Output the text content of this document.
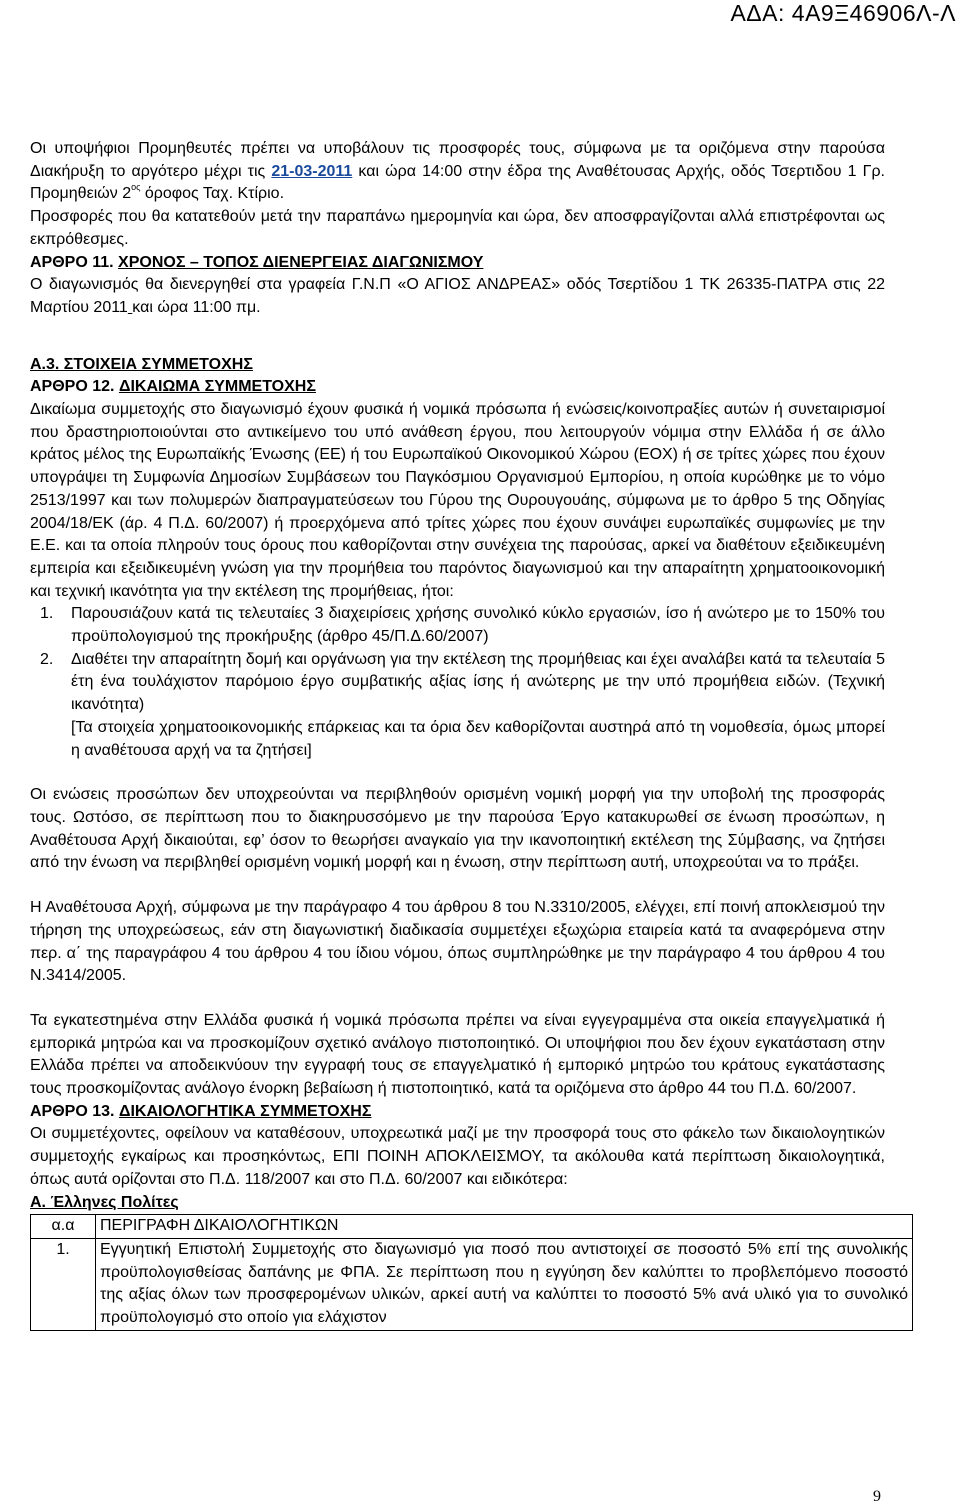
ΑΔΑ: 4Α9Ξ46906Λ-Λ

Οι υποψήφιοι Προμηθευτές πρέπει να υποβάλουν τις προσφορές τους, σύμφωνα με τα οριζόμενα στην παρούσα Διακήρυξη το αργότερο μέχρι τις 21-03-2011 και ώρα 14:00 στην έδρα της Αναθέτουσας Αρχής, οδός Τσερτιδου 1 Γρ. Προμηθειών $2^{o\varsigma}$ όροφος Ταχ. Κτίριο.

Προσφορές που θα κατατεθούν μετά την παραπάνω ημερομηνία και ώρα, δεν αποσφραγίζονται αλλά επιστρέφονται ως εκπρόθεσμες.

ΑΡΘΡΟ 11. ΧΡΟΝΟΣ – ΤΟΠΟΣ ΔΙΕΝΕΡΓΕΙΑΣ ΔΙΑΓΩΝΙΣΜΟΥ

Ο διαγωνισμός θα διενεργηθεί στα γραφεία Γ.Ν.Π «Ο ΑΓΙΟΣ ΑΝΔΡΕΑΣ» οδός Τσερτίδου 1 ΤΚ 26335-ΠΑΤΡΑ στις 22 Μαρτίου 2011 και ώρα 11:00 πμ.

Α.3. ΣΤΟΙΧΕΙΑ ΣΥΜΜΕΤΟΧΗΣ

ΑΡΘΡΟ 12. ΔΙΚΑΙΩΜΑ ΣΥΜΜΕΤΟΧΗΣ

Δικαίωμα συμμετοχής στο διαγωνισμό έχουν φυσικά ή νομικά πρόσωπα ή ενώσεις/κοινοπραξίες αυτών ή συνεταιρισμοί που δραστηριοποιούνται στο αντικείμενο του υπό ανάθεση έργου, που λειτουργούν νόμιμα στην Ελλάδα ή σε άλλο κράτος μέλος της Ευρωπαϊκής Ένωσης (ΕΕ) ή του Ευρωπαϊκού Οικονομικού Χώρου (ΕΟΧ) ή σε τρίτες χώρες που έχουν υπογράψει τη Συμφωνία Δημοσίων Συμβάσεων του Παγκόσμιου Οργανισμού Εμπορίου, η οποία κυρώθηκε με το νόμο 2513/1997 και των πολυμερών διαπραγματεύσεων του Γύρου της Ουρουγουάης, σύμφωνα με το άρθρο 5 της Οδηγίας 2004/18/ΕΚ (άρ. 4 Π.Δ. 60/2007) ή προερχόμενα από τρίτες χώρες που έχουν συνάψει ευρωπαϊκές συμφωνίες με την Ε.Ε. και τα οποία πληρούν τους όρους που καθορίζονται στην συνέχεια της παρούσας, αρκεί να διαθέτουν εξειδικευμένη εμπειρία και εξειδικευμένη γνώση για την προμήθεια του παρόντος διαγωνισμού και την απαραίτητη χρηματοοικονομική και τεχνική ικανότητα για την εκτέλεση της προμήθειας, ήτοι:

1. Παρουσιάζουν κατά τις τελευταίες 3 διαχειρίσεις χρήσης συνολικό κύκλο εργασιών, ίσο ή ανώτερο με το 150% του προϋπολογισμού της προκήρυξης (άρθρο 45/Π.Δ.60/2007)
2. Διαθέτει την απαραίτητη δομή και οργάνωση για την εκτέλεση της προμήθειας και έχει αναλάβει κατά τα τελευταία 5 έτη ένα τουλάχιστον παρόμοιο έργο συμβατικής αξίας ίσης ή ανώτερης με την υπό προμήθεια ειδών. (Τεχνική ικανότητα)
[Τα στοιχεία χρηματοοικονομικής επάρκειας και τα όρια δεν καθορίζονται αυστηρά από τη νομοθεσία, όμως μπορεί η αναθέτουσα αρχή να τα ζητήσει]

Οι ενώσεις προσώπων δεν υποχρεούνται να περιβληθούν ορισμένη νομική μορφή για την υποβολή της προσφοράς τους. Ωστόσο, σε περίπτωση που το διακηρυσσόμενο με την παρούσα Έργο κατακυρωθεί σε ένωση προσώπων, η Αναθέτουσα Αρχή δικαιούται, εφ’ όσον το θεωρήσει αναγκαίο για την ικανοποιητική εκτέλεση της Σύμβασης, να ζητήσει από την ένωση να περιβληθεί ορισμένη νομική μορφή και η ένωση, στην περίπτωση αυτή, υποχρεούται να το πράξει.

Η Αναθέτουσα Αρχή, σύμφωνα με την παράγραφο 4 του άρθρου 8 του Ν.3310/2005, ελέγχει, επί ποινή αποκλεισμού την τήρηση της υποχρεώσεως, εάν στη διαγωνιστική διαδικασία συμμετέχει εξωχώρια εταιρεία κατά τα αναφερόμενα στην περ. α΄ της παραγράφου 4 του άρθρου 4 του ίδιου νόμου, όπως συμπληρώθηκε με την παράγραφο 4 του άρθρου 4 του Ν.3414/2005.

Τα εγκατεστημένα στην Ελλάδα φυσικά ή νομικά πρόσωπα πρέπει να είναι εγγεγραμμένα στα οικεία επαγγελματικά ή εμπορικά μητρώα και να προσκομίζουν σχετικό ανάλογο πιστοποιητικό. Οι υποψήφιοι που δεν έχουν εγκατάσταση στην Ελλάδα πρέπει να αποδεικνύουν την εγγραφή τους σε επαγγελματικό ή εμπορικό μητρώο του κράτους εγκατάστασης τους προσκομίζοντας ανάλογο ένορκη βεβαίωση ή πιστοποιητικό, κατά τα οριζόμενα στο άρθρο 44 του Π.Δ. 60/2007.

ΑΡΘΡΟ 13. ΔΙΚΑΙΟΛΟΓΗΤΙΚΑ ΣΥΜΜΕΤΟΧΗΣ

Οι συμμετέχοντες, οφείλουν να καταθέσουν, υποχρεωτικά μαζί με την προσφορά τους στο φάκελο των δικαιολογητικών συμμετοχής εγκαίρως και προσηκόντως, ΕΠΙ ΠΟΙΝΗ ΑΠΟΚΛΕΙΣΜΟΥ, τα ακόλουθα κατά περίπτωση δικαιολογητικά, όπως αυτά ορίζονται στο Π.Δ. 118/2007 και στο Π.Δ. 60/2007 και ειδικότερα:

Α. Έλληνες Πολίτες

α.α	ΠΕΡΙΓΡΑΦΗ ΔΙΚΑΙΟΛΟΓΗΤΙΚΩΝ
1.	Εγγυητική Επιστολή Συμμετοχής στο διαγωνισμό για ποσό που αντιστοιχεί σε ποσοστό 5% επί της συνολικής προϋπολογισθείσας δαπάνης με ΦΠΑ. Σε περίπτωση που η εγγύηση δεν καλύπτει το προβλεπόμενο ποσοστό της αξίας όλων των προσφερομένων υλικών, αρκεί αυτή να καλύπτει το ποσοστό 5% ανά υλικό για το συνολικό προϋπολογισμό στο οποίο για ελάχιστον
9
